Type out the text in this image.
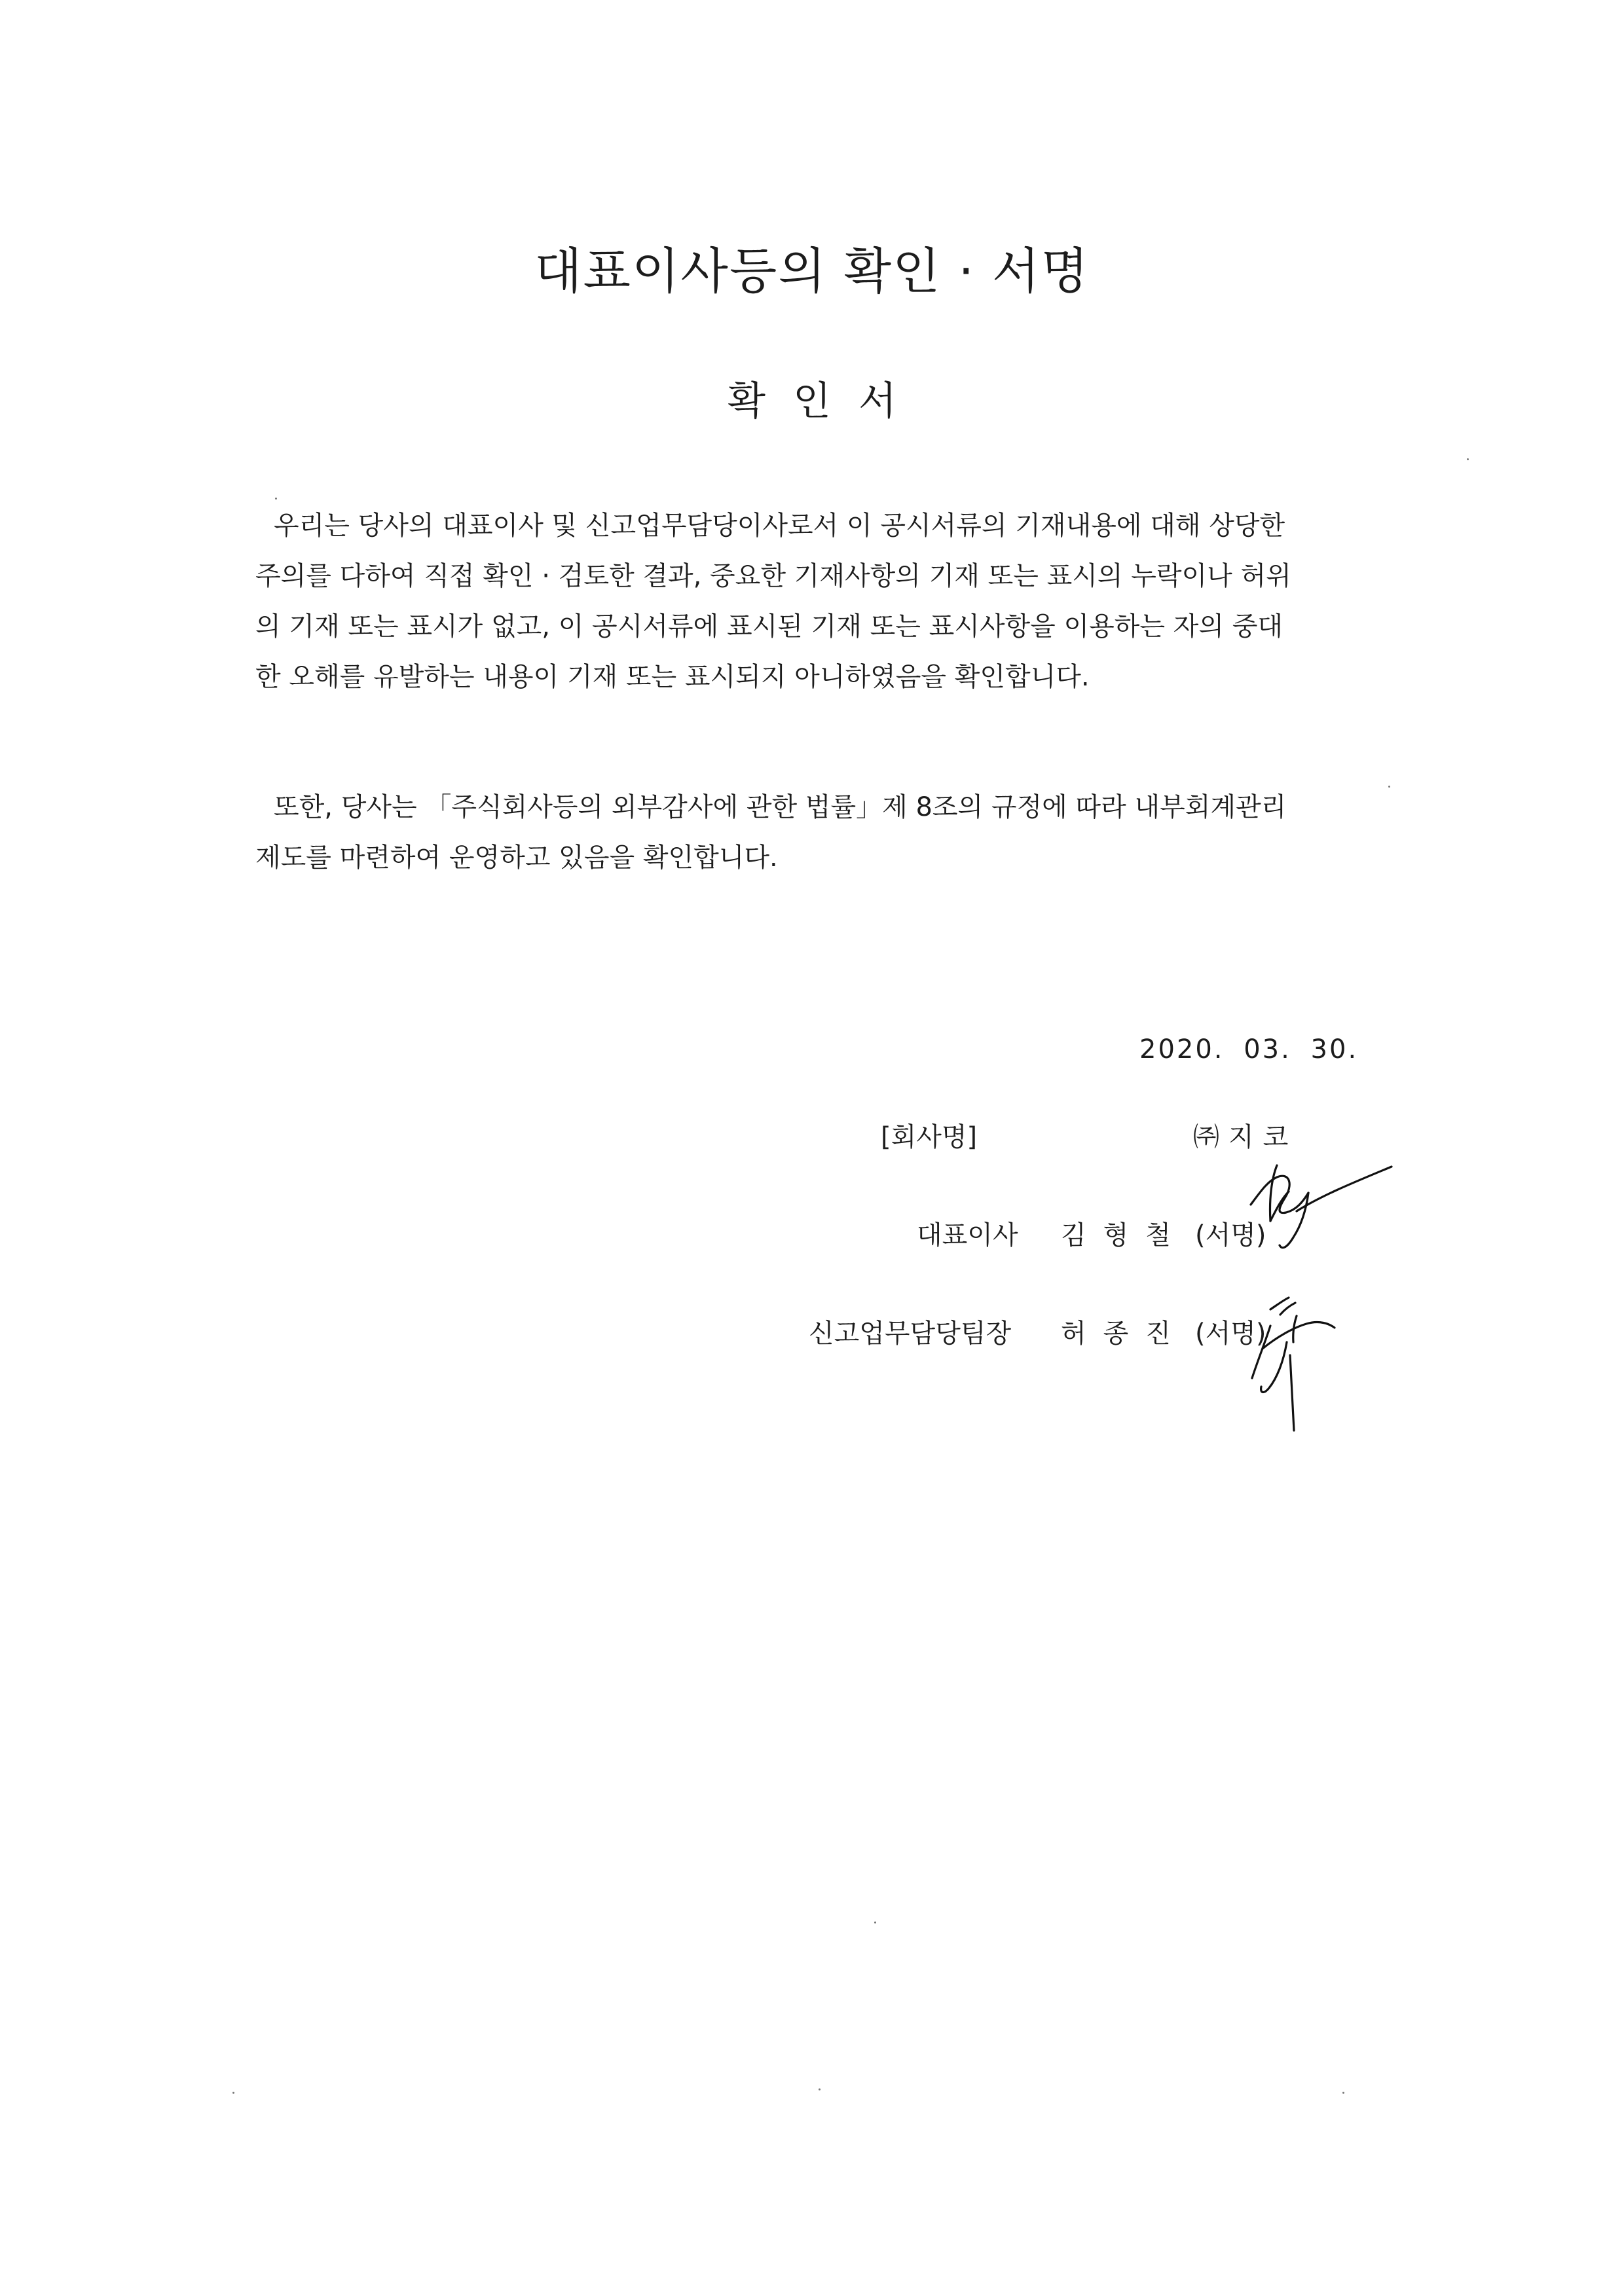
대표이사등의 확인 · 서명
확인서
우리는 당사의 대표이사 및 신고업무담당이사로서 이 공시서류의 기재내용에 대해 상당한
주의를 다하여 직접 확인 · 검토한 결과, 중요한 기재사항의 기재 또는 표시의 누락이나 허위
의 기재 또는 표시가 없고, 이 공시서류에 표시된 기재 또는 표시사항을 이용하는 자의 중대
한 오해를 유발하는 내용이 기재 또는 표시되지 아니하였음을 확인합니다.
또한, 당사는 「주식회사등의 외부감사에 관한 법률」제 8조의 규정에 따라 내부회계관리
제도를 마련하여 운영하고 있음을 확인합니다.
2020. 03. 30.
[회사명]	㈜지코
대표이사 김형철 (서명)
신고업무담당팀장 허종진 (서명)
